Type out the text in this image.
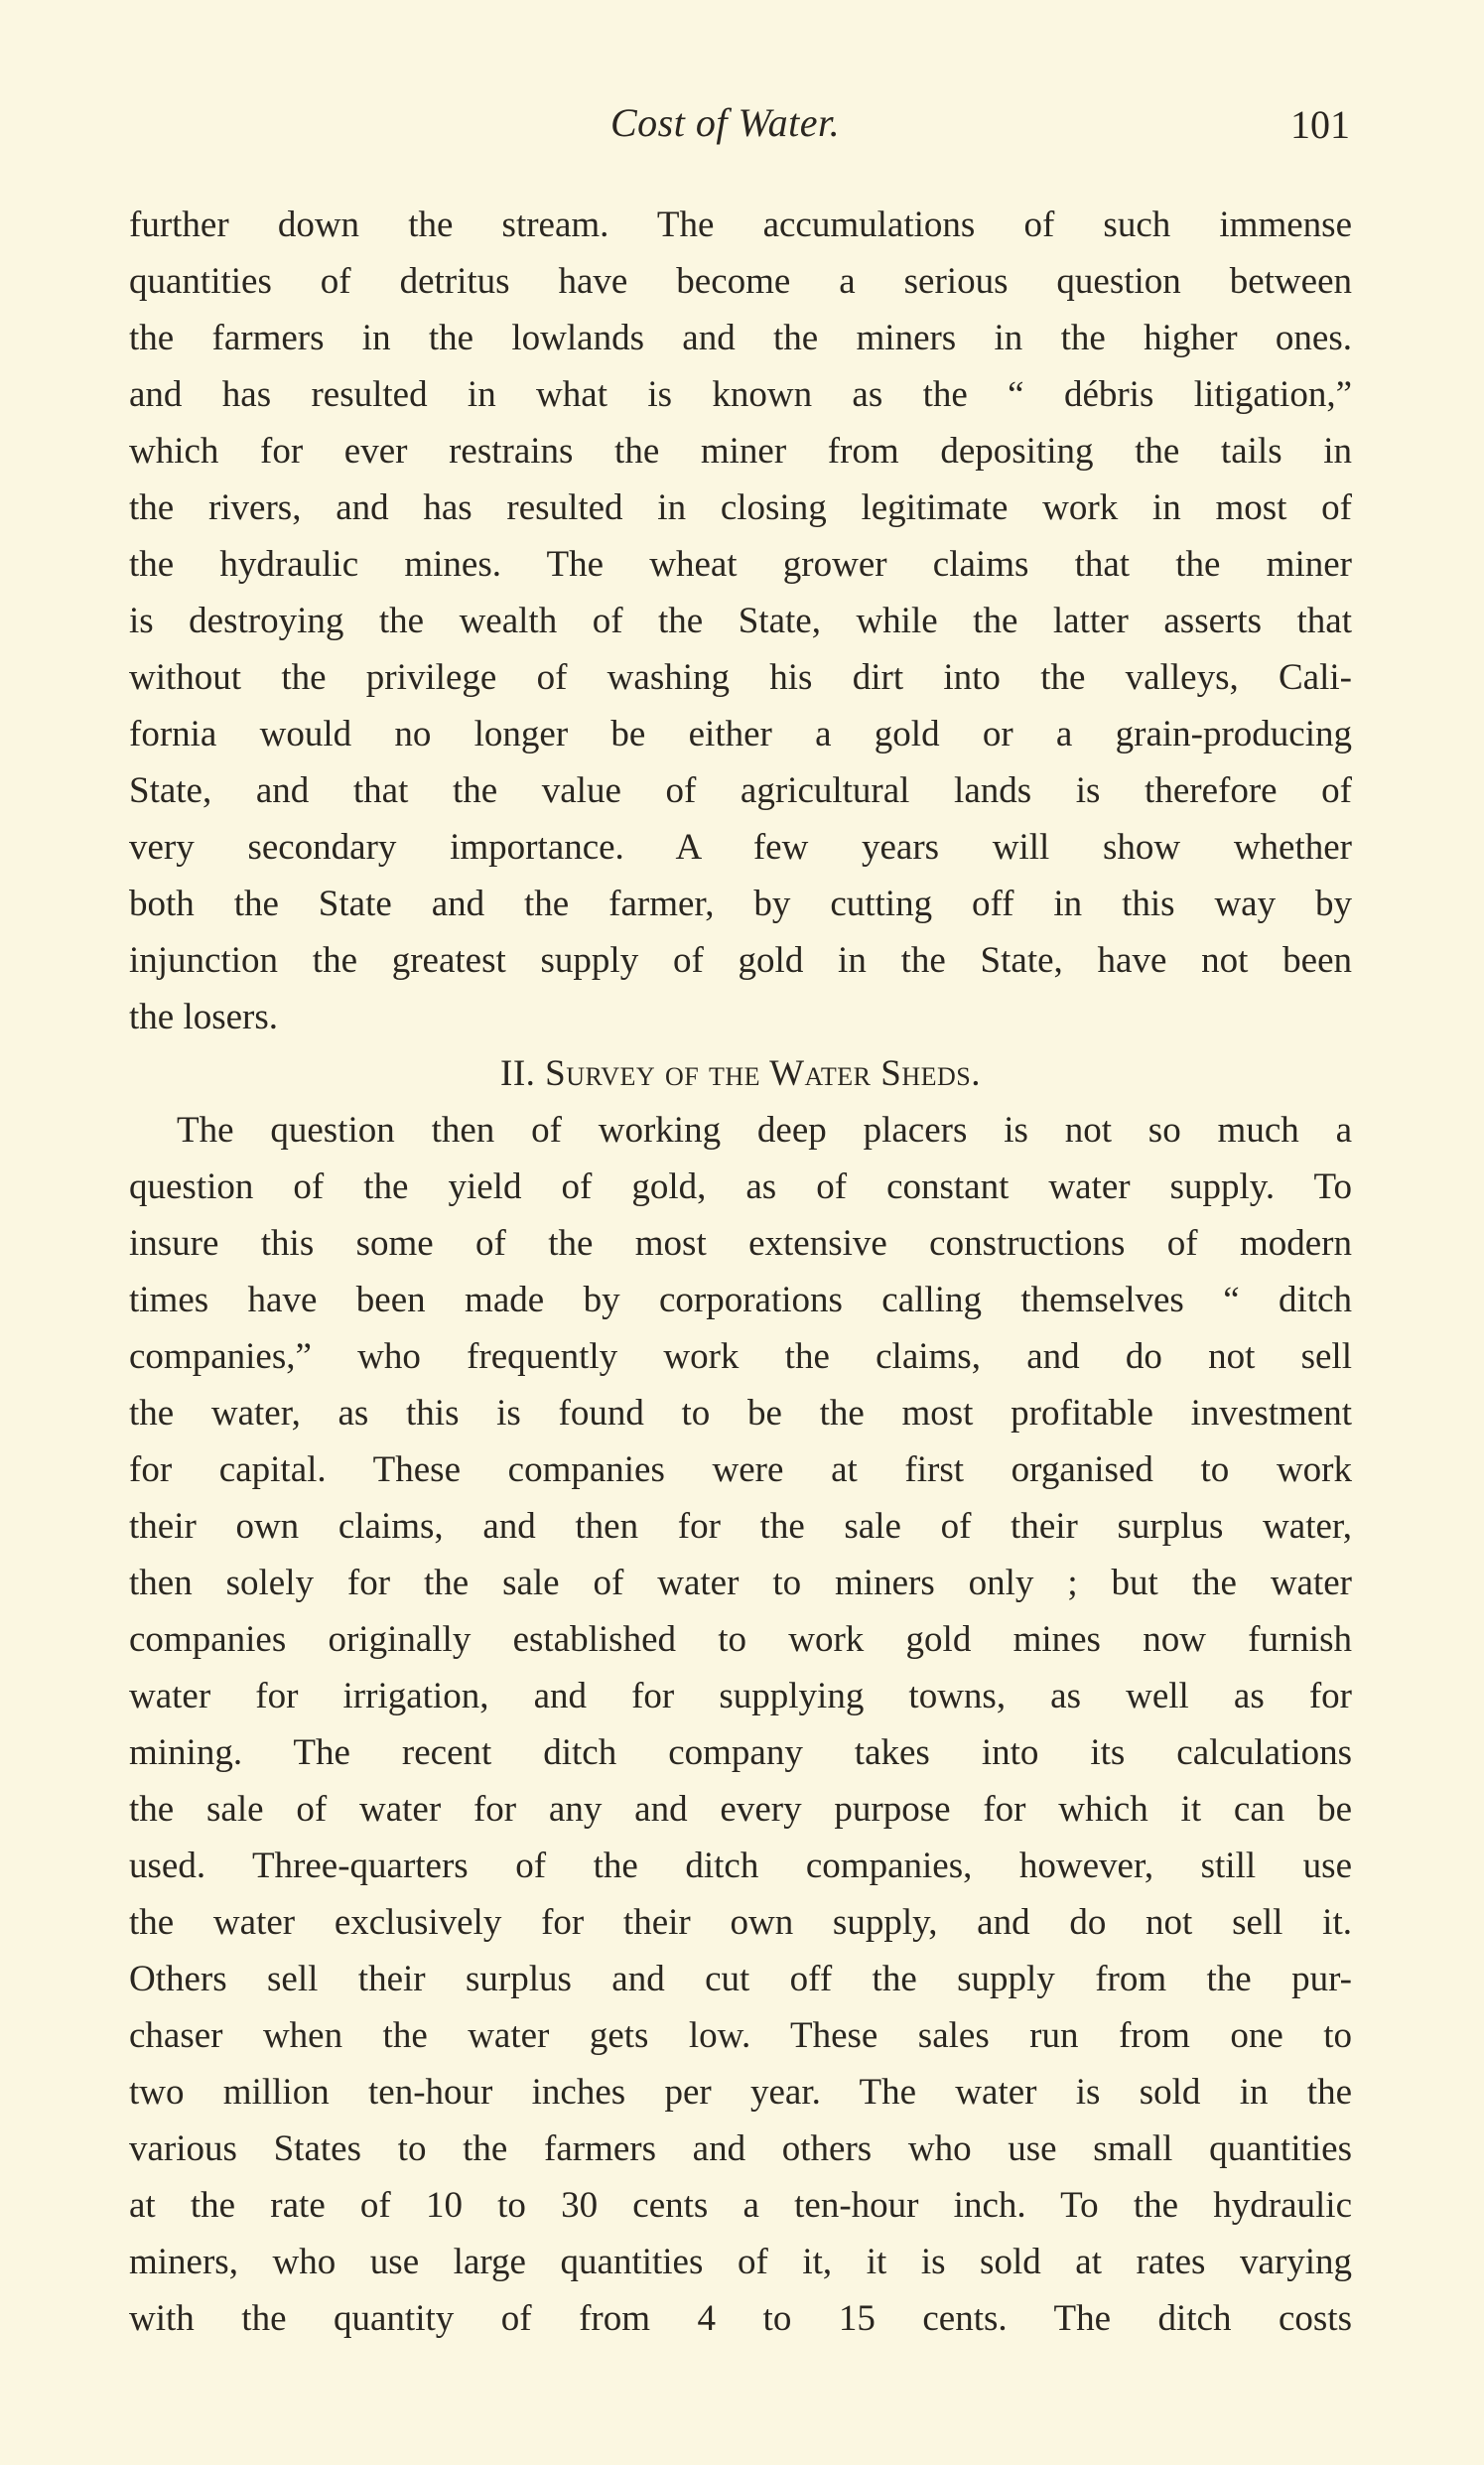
Cost of Water.	101
further down the stream. The accumulations of such immense
quantities of detritus have become a serious question between
the farmers in the lowlands and the miners in the higher ones.
and has resulted in what is known as the “ débris litigation,”
which for ever restrains the miner from depositing the tails in
the rivers, and has resulted in closing legitimate work in most of
the hydraulic mines. The wheat grower claims that the miner
is destroying the wealth of the State, while the latter asserts that
without the privilege of washing his dirt into the valleys, Cali-
fornia would no longer be either a gold or a grain-producing
State, and that the value of agricultural lands is therefore of
very secondary importance. A few years will show whether
both the State and the farmer, by cutting off in this way by
injunction the greatest supply of gold in the State, have not been
the losers.
II. Survey of the Water Sheds.
The question then of working deep placers is not so much a
question of the yield of gold, as of constant water supply. To
insure this some of the most extensive constructions of modern
times have been made by corporations calling themselves “ ditch
companies,” who frequently work the claims, and do not sell
the water, as this is found to be the most profitable investment
for capital. These companies were at first organised to work
their own claims, and then for the sale of their surplus water,
then solely for the sale of water to miners only ; but the water
companies originally established to work gold mines now furnish
water for irrigation, and for supplying towns, as well as for
mining. The recent ditch company takes into its calculations
the sale of water for any and every purpose for which it can be
used. Three-quarters of the ditch companies, however, still use
the water exclusively for their own supply, and do not sell it.
Others sell their surplus and cut off the supply from the pur-
chaser when the water gets low. These sales run from one to
two million ten-hour inches per year. The water is sold in the
various States to the farmers and others who use small quantities
at the rate of 10 to 30 cents a ten-hour inch. To the hydraulic
miners, who use large quantities of it, it is sold at rates varying
with the quantity of from 4 to 15 cents. The ditch costs
